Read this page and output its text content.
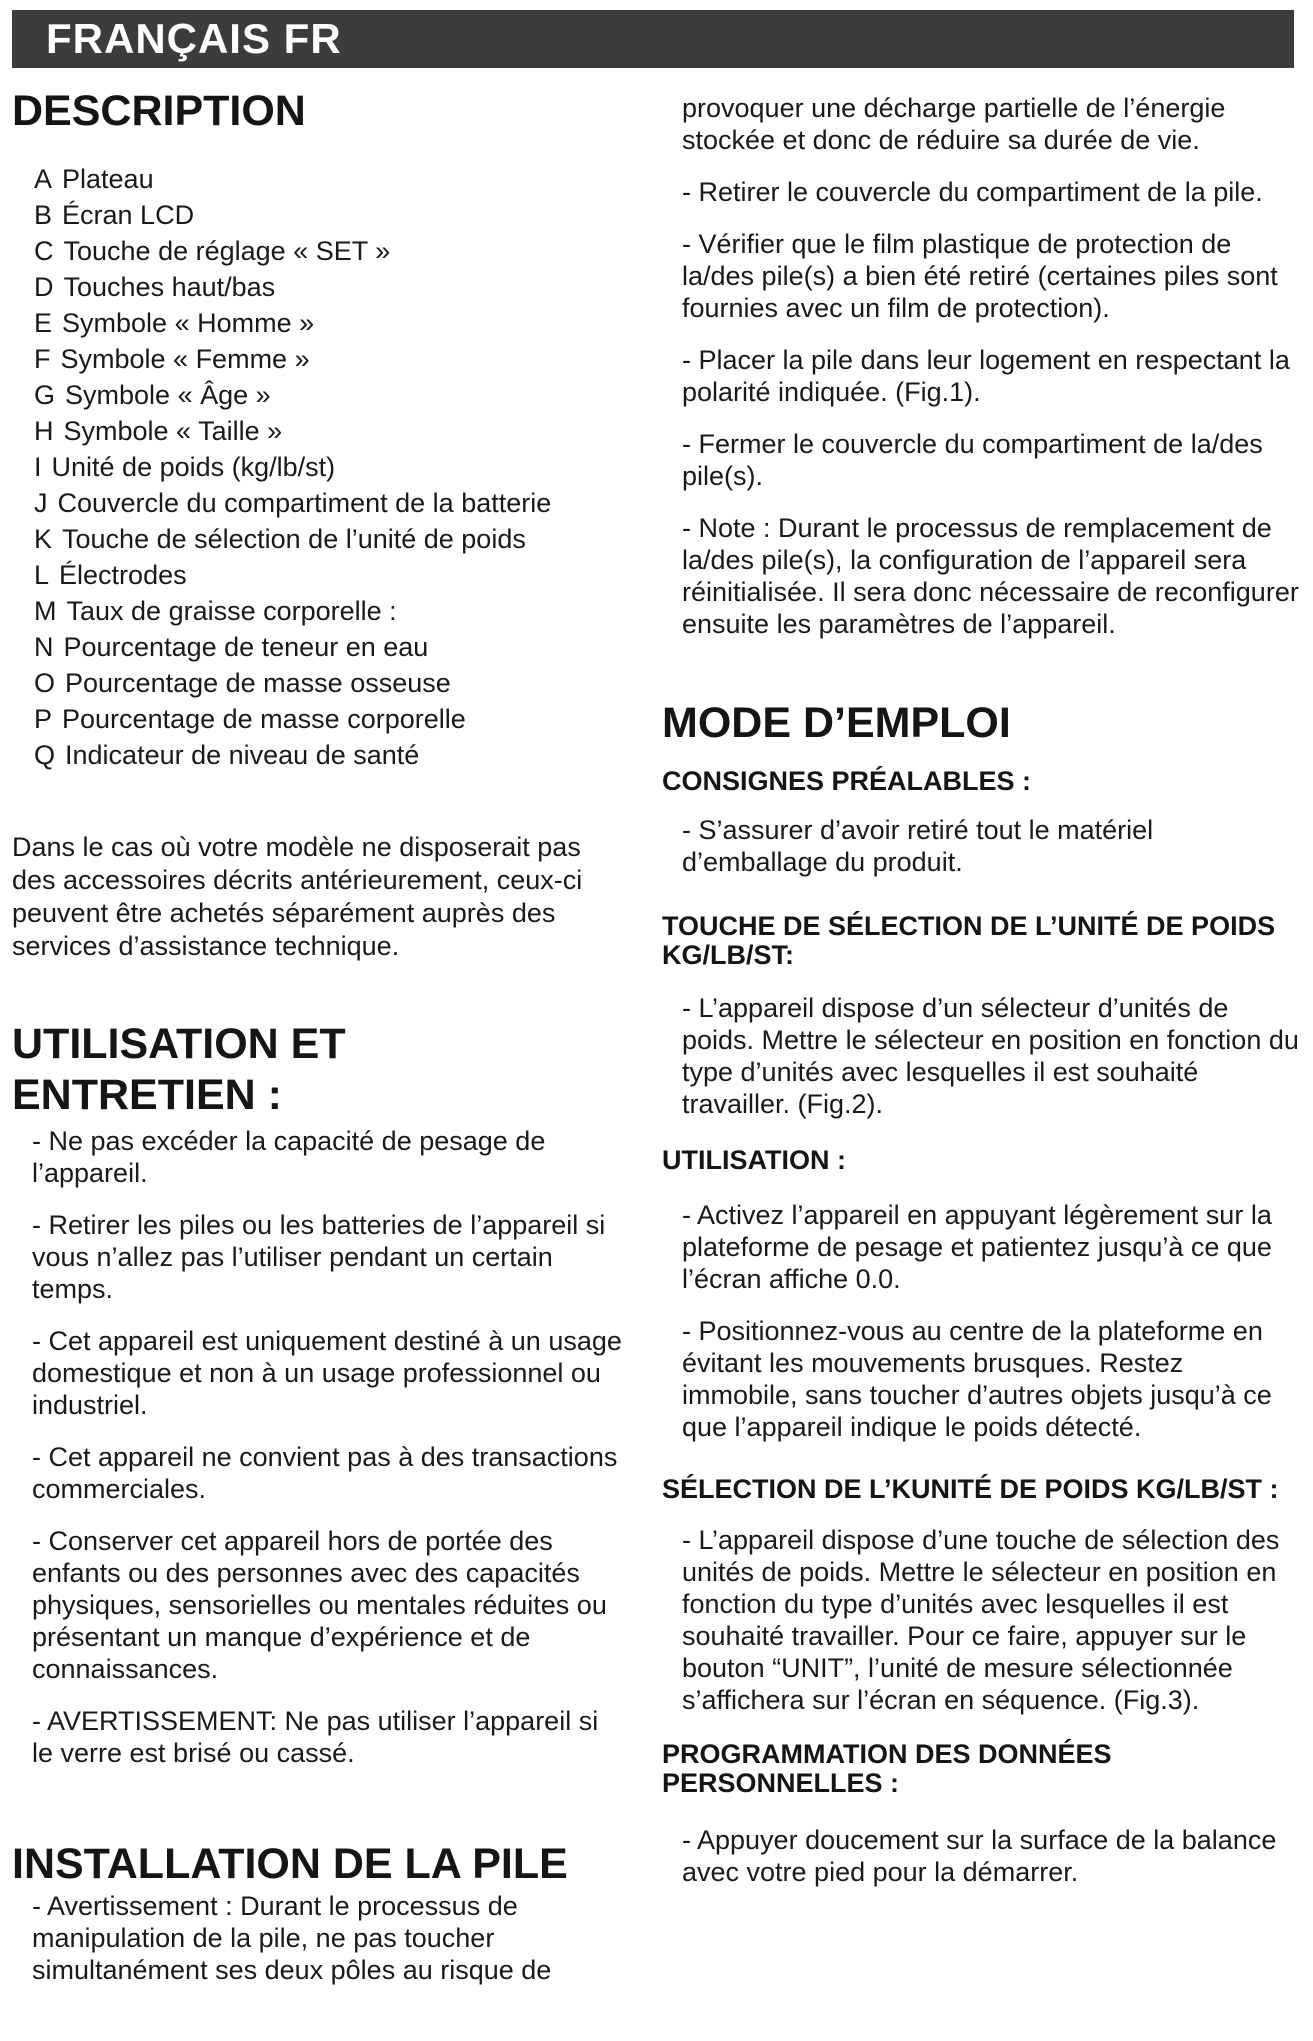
FRANÇAIS FR
DESCRIPTION
A Plateau
B Écran LCD
C Touche de réglage « SET »
D Touches haut/bas
E Symbole « Homme »
F Symbole « Femme »
G Symbole « Âge »
H Symbole « Taille »
I Unité de poids (kg/lb/st)
J Couvercle du compartiment de la batterie
K Touche de sélection de l’unité de poids
L Électrodes
M Taux de graisse corporelle :
N Pourcentage de teneur en eau
O Pourcentage de masse osseuse
P Pourcentage de masse corporelle
Q Indicateur de niveau de santé

Dans le cas où votre modèle ne disposerait pas des accessoires décrits antérieurement, ceux-ci peuvent être achetés séparément auprès des services d’assistance technique.

UTILISATION ET
ENTRETIEN :

- Ne pas excéder la capacité de pesage de l’appareil.

- Retirer les piles ou les batteries de l’appareil si vous n’allez pas l’utiliser pendant un certain temps.

- Cet appareil est uniquement destiné à un usage domestique et non à un usage professionnel ou industriel.

- Cet appareil ne convient pas à des transactions commerciales.

- Conserver cet appareil hors de portée des enfants ou des personnes avec des capacités physiques, sensorielles ou mentales réduites ou présentant un manque d’expérience et de connaissances.

- AVERTISSEMENT: Ne pas utiliser l’appareil si le verre est brisé ou cassé.

INSTALLATION DE LA PILE

- Avertissement : Durant le processus de manipulation de la pile, ne pas toucher simultanément ses deux pôles au risque de

provoquer une décharge partielle de l’énergie stockée et donc de réduire sa durée de vie.

- Retirer le couvercle du compartiment de la pile.

- Vérifier que le film plastique de protection de la/des pile(s) a bien été retiré (certaines piles sont fournies avec un film de protection).

- Placer la pile dans leur logement en respectant la polarité indiquée. (Fig.1).

- Fermer le couvercle du compartiment de la/des pile(s).

- Note : Durant le processus de remplacement de la/des pile(s), la configuration de l’appareil sera réinitialisée. Il sera donc nécessaire de reconfigurer ensuite les paramètres de l’appareil.

MODE D’EMPLOI
CONSIGNES PRÉALABLES :

- S’assurer d’avoir retiré tout le matériel d’emballage du produit.

TOUCHE DE SÉLECTION DE L’UNITÉ DE POIDS KG/LB/ST:

- L’appareil dispose d’un sélecteur d’unités de poids. Mettre le sélecteur en position en fonction du type d’unités avec lesquelles il est souhaité travailler. (Fig.2).

UTILISATION :

- Activez l’appareil en appuyant légèrement sur la plateforme de pesage et patientez jusqu’à ce que l’écran affiche 0.0.

- Positionnez-vous au centre de la plateforme en évitant les mouvements brusques. Restez immobile, sans toucher d’autres objets jusqu’à ce que l’appareil indique le poids détecté.

SÉLECTION DE L’KUNITÉ DE POIDS KG/LB/ST :

- L’appareil dispose d’une touche de sélection des unités de poids. Mettre le sélecteur en position en fonction du type d’unités avec lesquelles il est souhaité travailler. Pour ce faire, appuyer sur le bouton “UNIT”, l’unité de mesure sélectionnée s’affichera sur l’écran en séquence. (Fig.3).

PROGRAMMATION DES DONNÉES PERSONNELLES :

- Appuyer doucement sur la surface de la balance avec votre pied pour la démarrer.
